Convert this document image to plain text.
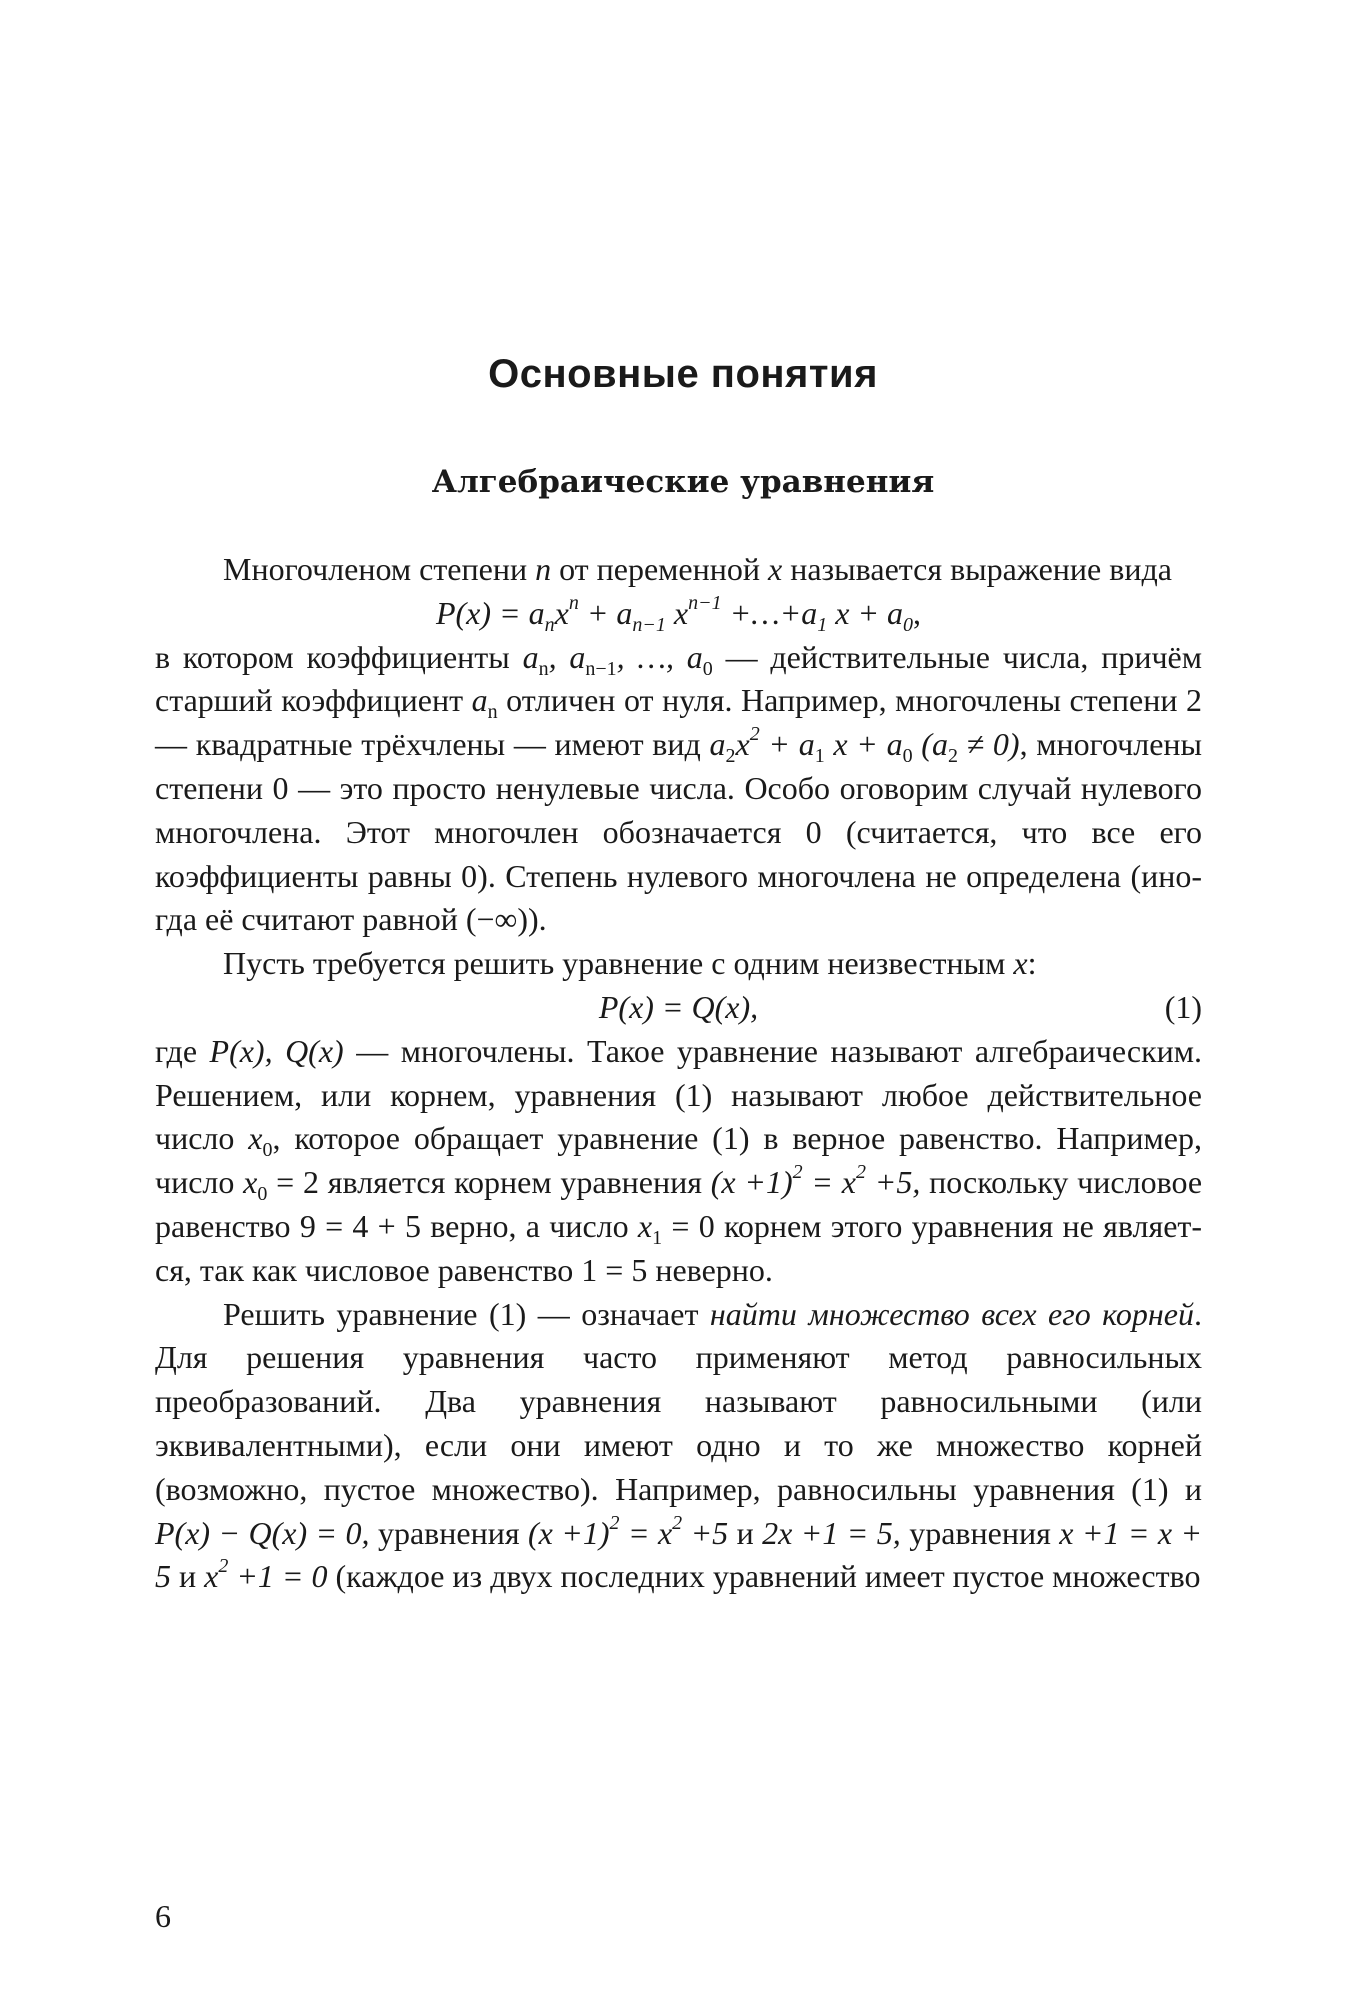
Основные понятия
Алгебраические уравнения

Многочленом степени n от переменной x называется выражение вида

$P(x) = a_nx^n + a_{n-1}$ $x^{n-1}$ $+\dots+a_1$ $x + a_0$,

в котором коэффициенты $a_n$, $a_{n-1}$, …, $a_0$ — действительные числа, причём старший коэффициент $a_n$ отличен от нуля. Например, многочлены степени 2 — квадратные трёхчлены — имеют вид $a_2x^2 + a_1$ $x + a_0$ $(a_2 \ne 0)$, многочлены степени 0 — это просто ненулевые числа. Особо оговорим случай нулевого многочлена. Этот многочлен обозначается 0 (считается, что все его коэффициенты равны 0). Степень нулевого многочлена не определена (иногда её считают равной (−∞)).

Пусть требуется решить уравнение с одним неизвестным x:

P(x) = Q(x),	(1)

где P(x), Q(x) — многочлены. Такое уравнение называют алгебраическим. Решением, или корнем, уравнения (1) называют любое действительное число $x_0$, которое обращает уравнение (1) в верное равенство. Например, число $x_0 = 2$ является корнем уравнения $(x +1)^2 = x^2 +5$, поскольку числовое равенство 9 = 4 + 5 верно, а число $x_1 = 0$ корнем этого уравнения не является, так как числовое равенство 1 = 5 неверно.

Решить уравнение (1) — означает найти множество всех его корней. Для решения уравнения часто применяют метод равносильных преобразований. Два уравнения называют равносильными (или эквивалентными), если они имеют одно и то же множество корней (возможно, пустое множество). Например, равносильны уравнения (1) и P(x) − Q(x) = 0, уравнения $(x +1)^2 = x^2 +5$ и 2x +1 = 5, уравнения x +1 = x + 5 и $x^2 +1 = 0$ (каждое из двух последних уравнений имеет пустое множество

6
